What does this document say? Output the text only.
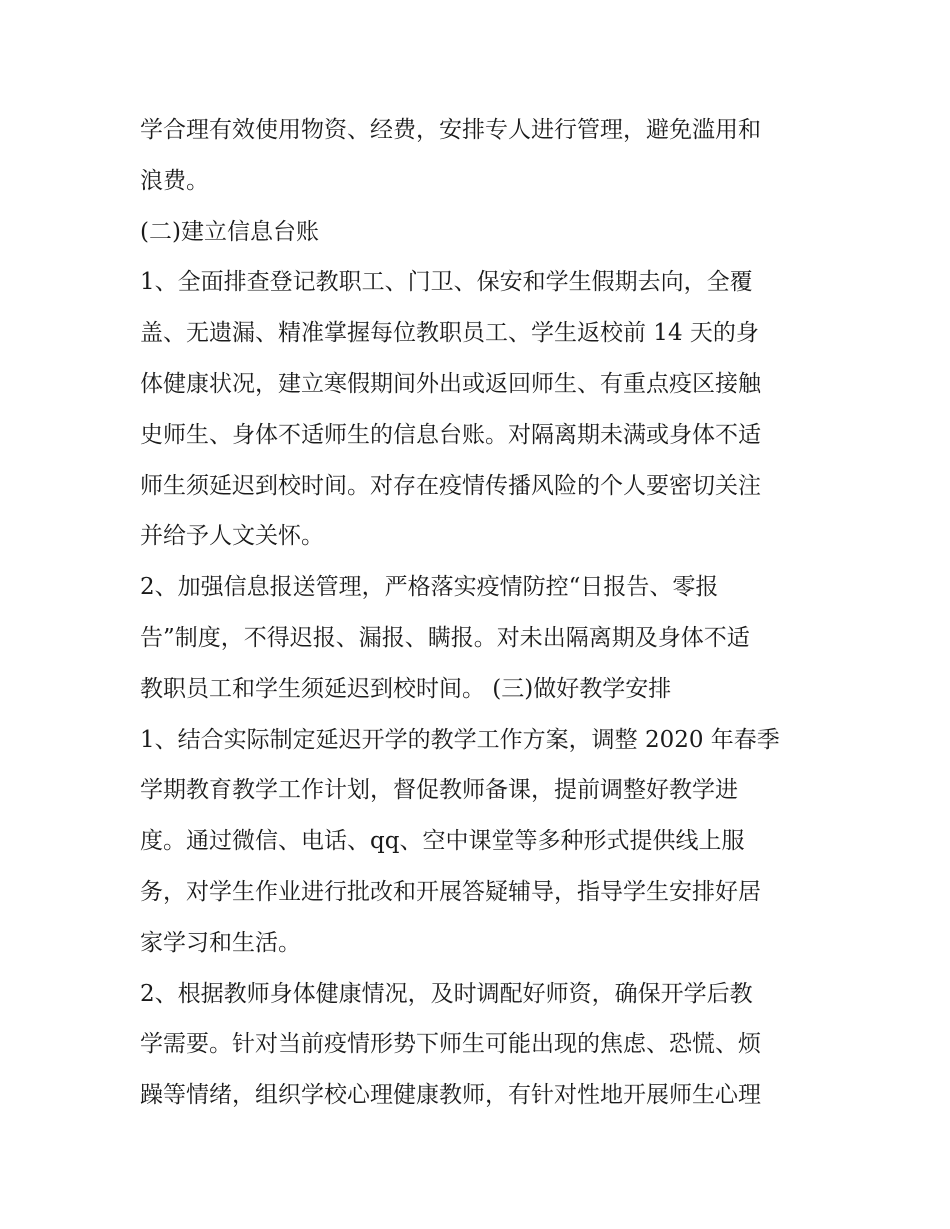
学合理有效使用物资、经费，安排专人进行管理，避免滥用和
浪费。
(二)建立信息台账
1、全面排查登记教职工、门卫、保安和学生假期去向，全覆
盖、无遗漏、精准掌握每位教职员工、学生返校前 14 天的身
体健康状况，建立寒假期间外出或返回师生、有重点疫区接触
史师生、身体不适师生的信息台账。对隔离期未满或身体不适
师生须延迟到校时间。对存在疫情传播风险的个人要密切关注
并给予人文关怀。
2、加强信息报送管理，严格落实疫情防控“日报告、零报
告”制度，不得迟报、漏报、瞒报。对未出隔离期及身体不适
教职员工和学生须延迟到校时间。 (三)做好教学安排
1、结合实际制定延迟开学的教学工作方案，调整 2020 年春季
学期教育教学工作计划，督促教师备课，提前调整好教学进
度。通过微信、电话、qq、空中课堂等多种形式提供线上服
务，对学生作业进行批改和开展答疑辅导，指导学生安排好居
家学习和生活。
2、根据教师身体健康情况，及时调配好师资，确保开学后教
学需要。针对当前疫情形势下师生可能出现的焦虑、恐慌、烦
躁等情绪，组织学校心理健康教师，有针对性地开展师生心理
